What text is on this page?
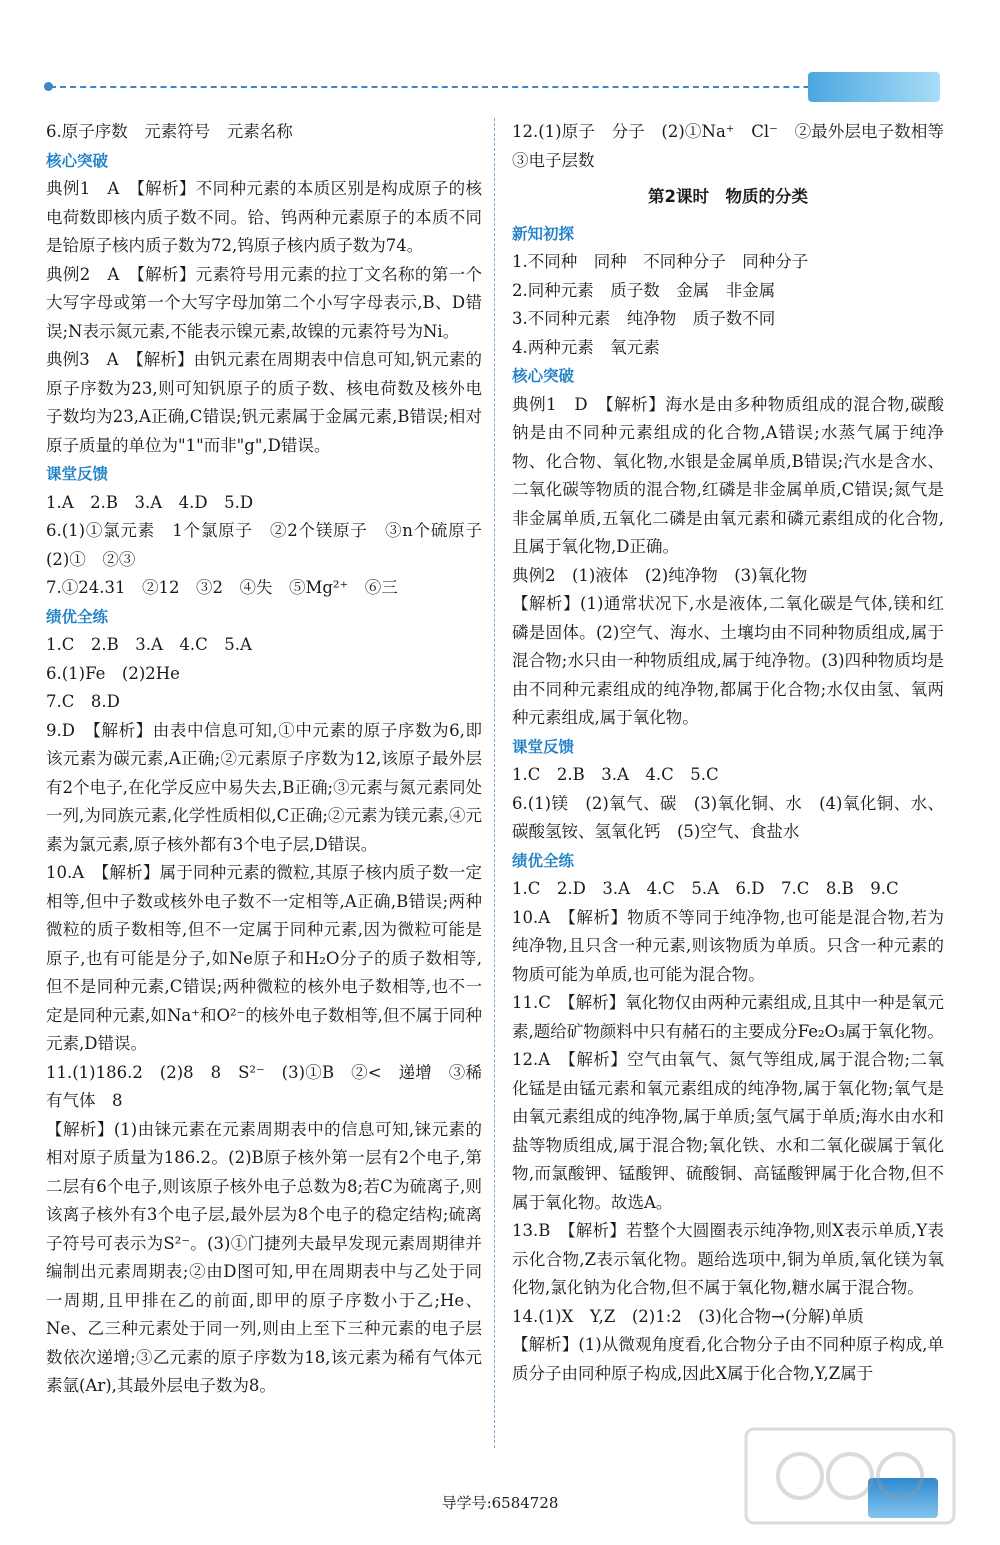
6.原子序数　元素符号　元素名称

核心突破

典例1　A　【解析】不同种元素的本质区别是构成原子的核电荷数即核内质子数不同。铪、钨两种元素原子的本质不同是铪原子核内质子数为72,钨原子核内质子数为74。

典例2　A　【解析】元素符号用元素的拉丁文名称的第一个大写字母或第一个大写字母加第二个小写字母表示,B、D错误;N表示氮元素,不能表示镍元素,故镍的元素符号为Ni。

典例3　A　【解析】由钒元素在周期表中信息可知,钒元素的原子序数为23,则可知钒原子的质子数、核电荷数及核外电子数均为23,A正确,C错误;钒元素属于金属元素,B错误;相对原子质量的单位为"1"而非"g",D错误。

课堂反馈

1.A　2.B　3.A　4.D　5.D

6.(1)①氯元素　1个氯原子　②2个镁原子　③n个硫原子　(2)①　②③

7.①24.31　②12　③2　④失　⑤Mg²⁺　⑥三

绩优全练

1.C　2.B　3.A　4.C　5.A

6.(1)Fe　(2)2He

7.C　8.D

9.D　【解析】由表中信息可知,①中元素的原子序数为6,即该元素为碳元素,A正确;②元素原子序数为12,该原子最外层有2个电子,在化学反应中易失去,B正确;③元素与氮元素同处一列,为同族元素,化学性质相似,C正确;②元素为镁元素,④元素为氯元素,原子核外都有3个电子层,D错误。

10.A　【解析】属于同种元素的微粒,其原子核内质子数一定相等,但中子数或核外电子数不一定相等,A正确,B错误;两种微粒的质子数相等,但不一定属于同种元素,因为微粒可能是原子,也有可能是分子,如Ne原子和H₂O分子的质子数相等,但不是同种元素,C错误;两种微粒的核外电子数相等,也不一定是同种元素,如Na⁺和O²⁻的核外电子数相等,但不属于同种元素,D错误。

11.(1)186.2　(2)8　8　S²⁻　(3)①B　②<　递增　③稀有气体　8

【解析】(1)由铼元素在元素周期表中的信息可知,铼元素的相对原子质量为186.2。(2)B原子核外第一层有2个电子,第二层有6个电子,则该原子核外电子总数为8;若C为硫离子,则该离子核外有3个电子层,最外层为8个电子的稳定结构;硫离子符号可表示为S²⁻。(3)①门捷列夫最早发现元素周期律并编制出元素周期表;②由D图可知,甲在周期表中与乙处于同一周期,且甲排在乙的前面,即甲的原子序数小于乙;He、Ne、乙三种元素处于同一列,则由上至下三种元素的电子层数依次递增;③乙元素的原子序数为18,该元素为稀有气体元素氩(Ar),其最外层电子数为8。

12.(1)原子　分子　(2)①Na⁺　Cl⁻　②最外层电子数相等　③电子层数

第2课时　物质的分类

新知初探

1.不同种　同种　不同种分子　同种分子

2.同种元素　质子数　金属　非金属

3.不同种元素　纯净物　质子数不同

4.两种元素　氧元素

核心突破

典例1　D　【解析】海水是由多种物质组成的混合物,碳酸钠是由不同种元素组成的化合物,A错误;水蒸气属于纯净物、化合物、氧化物,水银是金属单质,B错误;汽水是含水、二氧化碳等物质的混合物,红磷是非金属单质,C错误;氮气是非金属单质,五氧化二磷是由氧元素和磷元素组成的化合物,且属于氧化物,D正确。

典例2　(1)液体　(2)纯净物　(3)氧化物

【解析】(1)通常状况下,水是液体,二氧化碳是气体,镁和红磷是固体。(2)空气、海水、土壤均由不同种物质组成,属于混合物;水只由一种物质组成,属于纯净物。(3)四种物质均是由不同种元素组成的纯净物,都属于化合物;水仅由氢、氧两种元素组成,属于氧化物。

课堂反馈

1.C　2.B　3.A　4.C　5.C

6.(1)镁　(2)氧气、碳　(3)氧化铜、水　(4)氧化铜、水、碳酸氢铵、氢氧化钙　(5)空气、食盐水

绩优全练

1.C　2.D　3.A　4.C　5.A　6.D　7.C　8.B　9.C

10.A　【解析】物质不等同于纯净物,也可能是混合物,若为纯净物,且只含一种元素,则该物质为单质。只含一种元素的物质可能为单质,也可能为混合物。

11.C　【解析】氧化物仅由两种元素组成,且其中一种是氧元素,题给矿物颜料中只有赭石的主要成分Fe₂O₃属于氧化物。

12.A　【解析】空气由氧气、氮气等组成,属于混合物;二氧化锰是由锰元素和氧元素组成的纯净物,属于氧化物;氧气是由氧元素组成的纯净物,属于单质;氢气属于单质;海水由水和盐等物质组成,属于混合物;氧化铁、水和二氧化碳属于氧化物,而氯酸钾、锰酸钾、硫酸铜、高锰酸钾属于化合物,但不属于氧化物。故选A。

13.B　【解析】若整个大圆圈表示纯净物,则X表示单质,Y表示化合物,Z表示氧化物。题给选项中,铜为单质,氧化镁为氧化物,氯化钠为化合物,但不属于氧化物,糖水属于混合物。

14.(1)X　Y,Z　(2)1:2　(3)化合物→(分解)单质

【解析】(1)从微观角度看,化合物分子由不同种原子构成,单质分子由同种原子构成,因此X属于化合物,Y,Z属于

导学号:6584728
